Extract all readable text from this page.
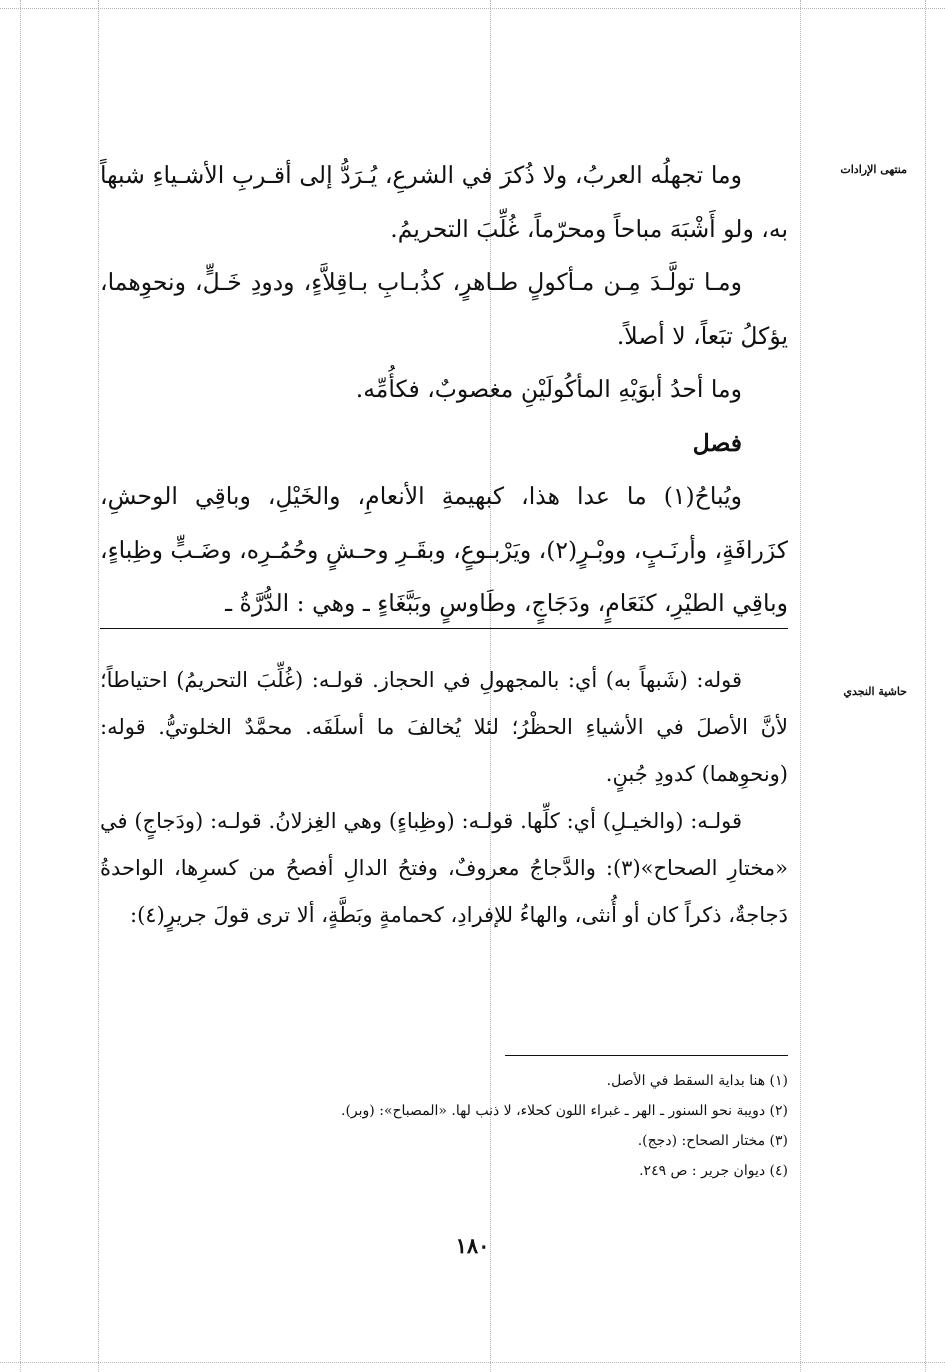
منتهى الإرادات
حاشية النجدي

وما تجهلُه العربُ، ولا ذُكرَ في الشرعِ، يُـرَدُّ إلى أقـربِ الأشـياءِ شبهاً به، ولو أَشْبَهَ مباحاً ومحرّماً، غُلِّبَ التحريمُ.

ومـا تولَّـدَ مِـن مـأكولٍ طـاهرٍ، كذُبـابِ بـاقِلاَّءٍ، ودودِ خَـلٍّ، ونحوِهما، يؤكلُ تبَعاً، لا أصلاً.

وما أحدُ أبوَيْهِ المأكُولَيْنِ مغصوبٌ، فكأُمِّه.

فصل

ويُباحُ(١) ما عدا هذا، كبهيمةِ الأنعامِ، والخَيْلِ، وباقِي الوحشِ، كزَرافَةٍ، وأرنَـبٍ، ووبْـرٍ(٢)، ويَرْبـوعٍ، وبقَـرِ وحـشٍ وحُمُـرِه، وضَـبٍّ وظِباءٍ، وباقِي الطيْرِ، كنَعَامٍ، ودَجَاجٍ، وطَاوسٍ وبَبَّغَاءٍ ـ وهي : الدُّرَّةُ ـ

قوله: (شَبهاً به) أي: بالمجهولِ في الحجاز. قولـه: (غُلِّبَ التحريمُ) احتياطاً؛ لأنَّ الأصلَ في الأشياءِ الحظْرُ؛ لئلا يُخالفَ ما أسلَفَه. محمَّدٌ الخلوتيُّ. قوله: (ونحوِهما) كدودِ جُبنٍ.

قولـه: (والخيـلِ) أي: كلِّها. قولـه: (وظِباءٍ) وهي الغِزلانُ. قولـه: (ودَجاجٍ) في «مختارِ الصحاح»(٣): والدَّجاجُ معروفٌ، وفتحُ الدالِ أفصحُ من كسرِها، الواحدةُ دَجاجةٌ، ذكراً كان أو أُنثى، والهاءُ للإفرادِ، كحمامةٍ وبَطَّةٍ، ألا ترى قولَ جريرٍ(٤):

(١) هنا بداية السقط في الأصل.
(٢) دويبة نحو السنور ـ الهر ـ غبراء اللون كحلاء، لا ذنب لها. «المصباح»: (وبر).
(٣) مختار الصحاح: (دجج).
(٤) ديوان جرير : ص ٢٤٩.
١٨٠
